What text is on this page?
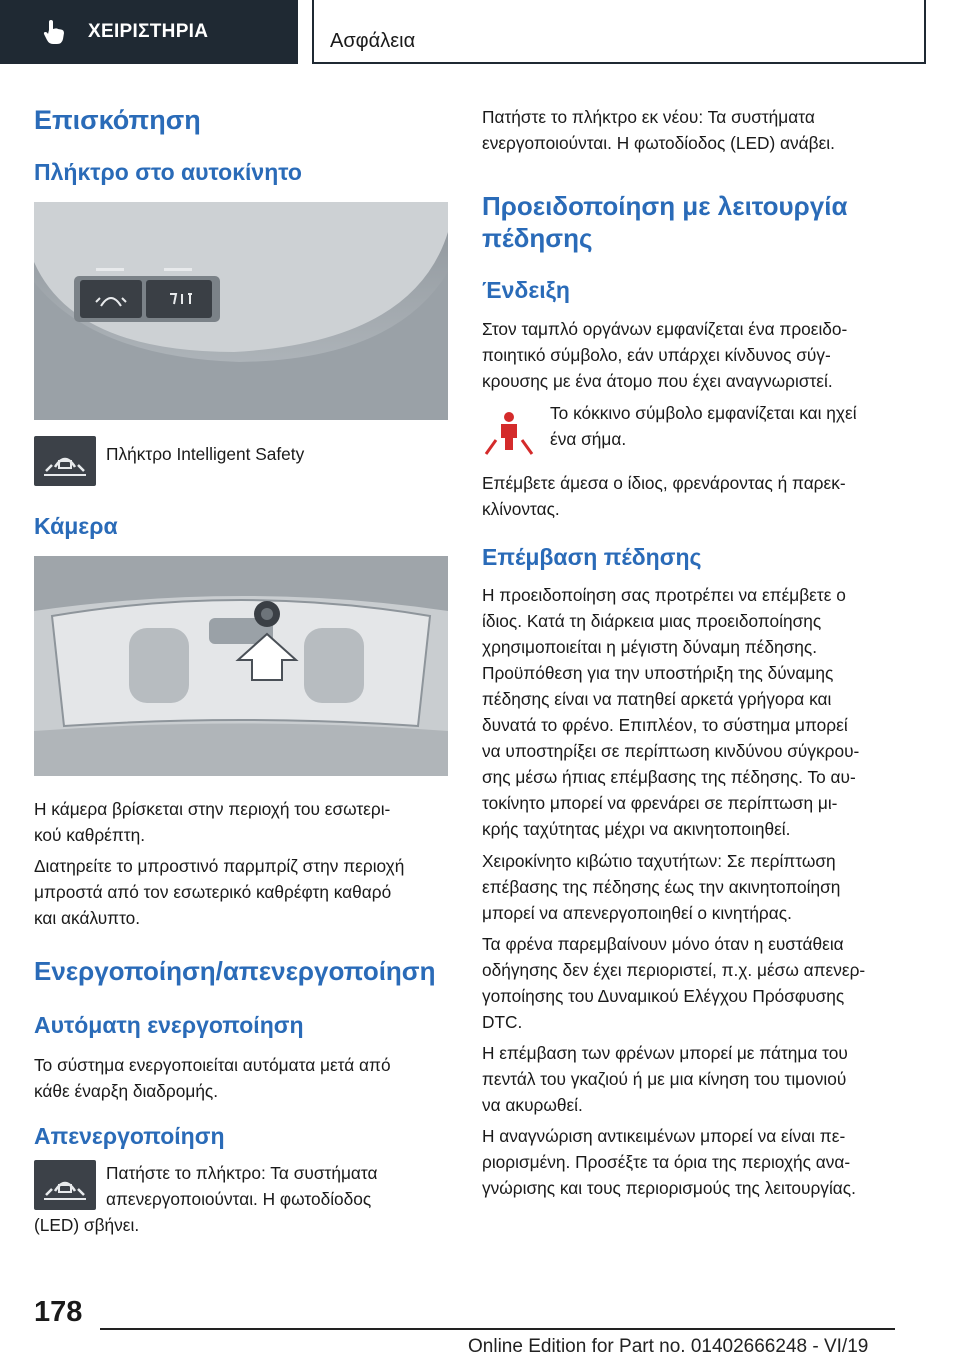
ΧΕΙΡΙΣΤΗΡΙΑ	Ασφάλεια
Επισκόπηση
Πλήκτρο στο αυτοκίνητο

Πλήκτρο Intelligent Safety

Κάμερα

Η κάμερα βρίσκεται στην περιοχή του εσωτερι-

κού καθρέπτη.

Διατηρείτε το μπροστινό παρμπρίζ στην περιοχή

μπροστά από τον εσωτερικό καθρέφτη καθαρό

και ακάλυπτο.

Ενεργοποίηση/απενεργοποίηση
Αυτόματη ενεργοποίηση

Το σύστημα ενεργοποιείται αυτόματα μετά από

κάθε έναρξη διαδρομής.

Απενεργοποίηση

Πατήστε το πλήκτρο: Τα συστήματα

απενεργοποιούνται. Η φωτοδίοδος

(LED) σβήνει.

Πατήστε το πλήκτρο εκ νέου: Τα συστήματα

ενεργοποιούνται. Η φωτοδίοδος (LED) ανάβει.

Προειδοποίηση με λειτουργία
πέδησης
Ένδειξη

Στον ταμπλό οργάνων εμφανίζεται ένα προειδο-

ποιητικό σύμβολο, εάν υπάρχει κίνδυνος σύγ-

κρουσης με ένα άτομο που έχει αναγνωριστεί.

Το κόκκινο σύμβολο εμφανίζεται και ηχεί

ένα σήμα.

Επέμβετε άμεσα ο ίδιος, φρενάροντας ή παρεκ-

κλίνοντας.

Επέμβαση πέδησης

Η προειδοποίηση σας προτρέπει να επέμβετε ο

ίδιος. Κατά τη διάρκεια μιας προειδοποίησης

χρησιμοποιείται η μέγιστη δύναμη πέδησης.

Προϋπόθεση για την υποστήριξη της δύναμης

πέδησης είναι να πατηθεί αρκετά γρήγορα και

δυνατά το φρένο. Επιπλέον, το σύστημα μπορεί

να υποστηρίξει σε περίπτωση κινδύνου σύγκρου-

σης μέσω ήπιας επέμβασης της πέδησης. Το αυ-

τοκίνητο μπορεί να φρενάρει σε περίπτωση μι-

κρής ταχύτητας μέχρι να ακινητοποιηθεί.

Χειροκίνητο κιβώτιο ταχυτήτων: Σε περίπτωση

επέβασης της πέδησης έως την ακινητοποίηση

μπορεί να απενεργοποιηθεί ο κινητήρας.

Τα φρένα παρεμβαίνουν μόνο όταν η ευστάθεια

οδήγησης δεν έχει περιοριστεί, π.χ. μέσω απενερ-

γοποίησης του Δυναμικού Ελέγχου Πρόσφυσης

DTC.

Η επέμβαση των φρένων μπορεί με πάτημα του

πεντάλ του γκαζιού ή με μια κίνηση του τιμονιού

να ακυρωθεί.

Η αναγνώριση αντικειμένων μπορεί να είναι πε-

ριορισμένη. Προσέξτε τα όρια της περιοχής ανα-

γνώρισης και τους περιορισμούς της λειτουργίας.

178
Online Edition for Part no. 01402666248 - VI/19
